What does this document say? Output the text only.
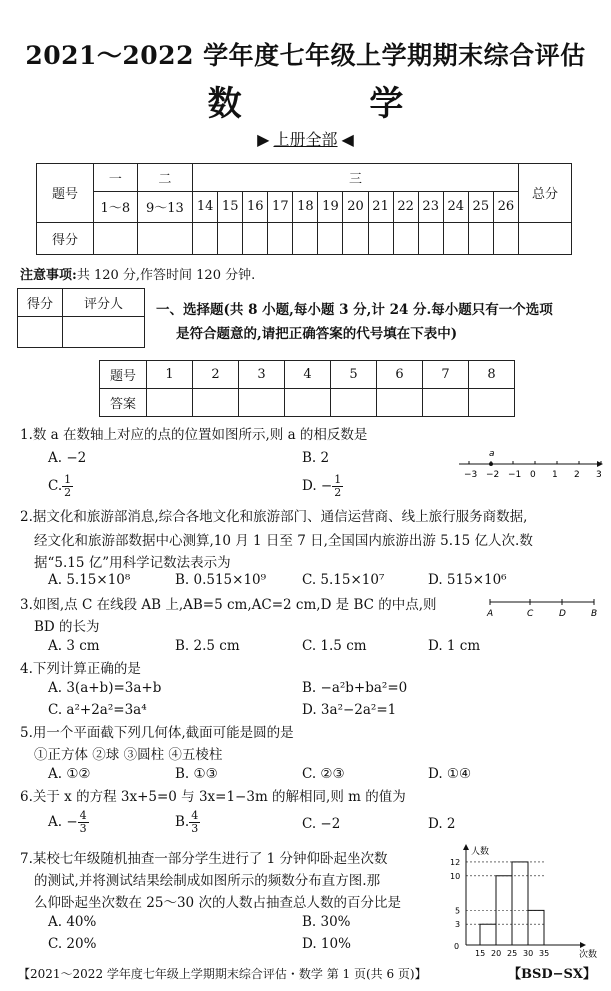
2021～2022 学年度七年级上学期期末综合评估
数 学
▶ 上册全部 ◀
题号	一	二	三													总分
	1～8	9～13	14	15	16	17	18	19	20	21	22	23	24	25	26	
得分																
注意事项:共 120 分,作答时间 120 分钟.
得分	评分人
	一、选择题(共 8 小题,每小题 3 分,计 24 分.每小题只有一个选项
是符合题意的,请把正确答案的代号填在下表中)
题号	1	2	3	4	5	6	7	8
答案								
1.数 a 在数轴上对应的点的位置如图所示,则 a 的相反数是
A. −2	B. 2
C. $\frac{1}{2}$	D. − $\frac{1}{2}$	−3 −2 −1 0 1 2 3
a
2.据文化和旅游部消息,综合各地文化和旅游部门、通信运营商、线上旅行服务商数据,
经文化和旅游部数据中心测算,10 月 1 日至 7 日,全国国内旅游出游 5.15 亿人次.数
据“5.15 亿”用科学记数法表示为
A. 5.15×10⁸	B. 0.515×10⁹	C. 5.15×10⁷	D. 515×10⁶
3.如图,点 C 在线段 AB 上,AB=5 cm,AC=2 cm,D 是 BC 的中点,则
BD 的长为
A. 3 cm	B. 2.5 cm	C. 1.5 cm	D. 1 cm
A	C	D	B
4.下列计算正确的是
A. 3(a+b)=3a+b	B. −a²b+ba²=0
C. a²+2a²=3a⁴	D. 3a²−2a²=1
5.用一个平面截下列几何体,截面可能是圆的是
①正方体 ②球 ③圆柱 ④五棱柱
A. ①②	B. ①③	C. ②③	D. ①④
6.关于 x 的方程 3x+5=0 与 3x=1−3m 的解相同,则 m 的值为
A. − $\frac{4}{3}$	B. $\frac{4}{3}$	C. −2	D. 2
7.某校七年级随机抽查一部分学生进行了 1 分钟仰卧起坐次数
的测试,并将测试结果绘制成如图所示的频数分布直方图.那
么仰卧起坐次数在 25～30 次的人数占抽查总人数的百分比是
A. 40%	B. 30%
C. 20%	D. 10%
人数
次数
0
15 20 25 30 35
3
5
10
12
【2021～2022 学年度七年级上学期期末综合评估・数学 第 1 页(共 6 页)】	【BSD−SX】
